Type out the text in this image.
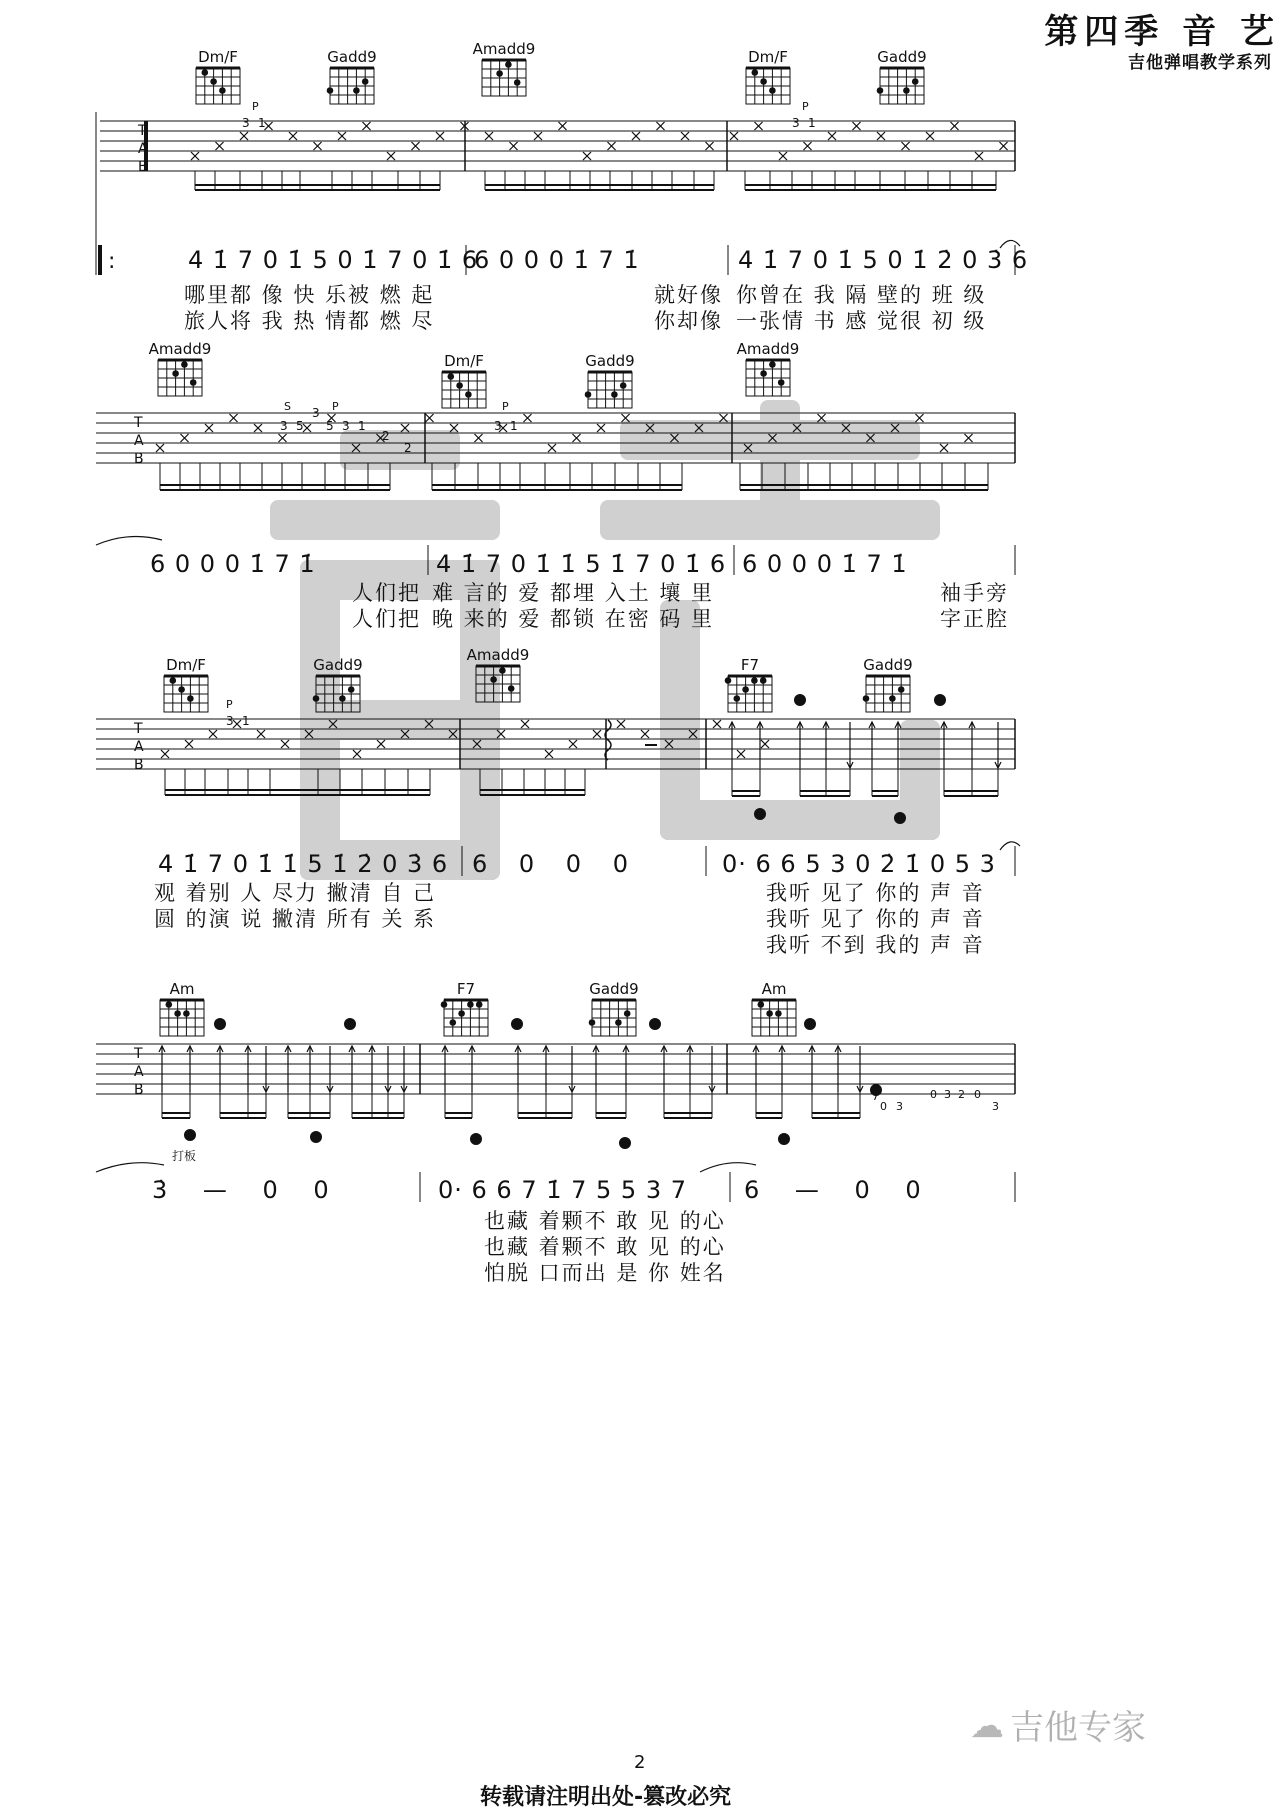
第四季 音 艺
吉他弹唱教学系列
Dm/F	Gadd9	Amadd9	Dm/F	Gadd9
T
A
B
3 1	3 1
P	P
:	4 1̇ 7 0 1̇ 5 0 1̇ 7 0 1̇ 6
6 0 0 0 1̇ 7 1̇	4 1̇ 7 0 1̇ 5 0 1̇ 2̇ 0 3̇ 6
哪里都 像 快 乐被 燃 起	就好像 你曾在 我 隔 壁的 班 级
旅人将 我 热 情都 燃 尽	你却像 一张情 书 感 觉很 初 级
Amadd9
Dm/F	Gadd9
Amadd9
T
A
B
3 5
3
5 3 1
2
2
3 1
S	P	P
6 0 0 0 1̇ 7 1̇	4 1̇ 7 0 1̇ 1̇ 5 1̇ 7 0 1̇ 6 6 0 0 0 1̇ 7 1̇
人们把 难 言的 爱 都埋 入土 壤 里	袖手旁
人们把 晚 来的 爱 都锁 在密 码 里	字正腔
Dm/F	Gadd9
Amadd9
F7	Gadd9
T
A
B
3 1
P
4 1̇ 7 0 1̇ 1̇ 5 1̇ 2̇ 0 3̇ 6 6 0 0 0	0· 6 6 5 3 0 2̇ 1̇ 0 5 3
观 着别 人 尽力 撇清 自 己	我听 见了 你的 声 音
圆 的演 说 撇清 所有 关 系	我听 见了 你的 声 音
我听 不到 我的 声 音
Am	F7	Gadd9	Am
T
A
B	7
0 3
0 3 2 0
3
打板
3̇ — 0 0	0· 6 6 7 1̇ 7 5 5 3 7 6 — 0 0
也藏 着颗不 敢 见 的心
也藏 着颗不 敢 见 的心
怕脱 口而出 是 你 姓名
☁ 吉他专家
2
转载请注明出处-篡改必究
